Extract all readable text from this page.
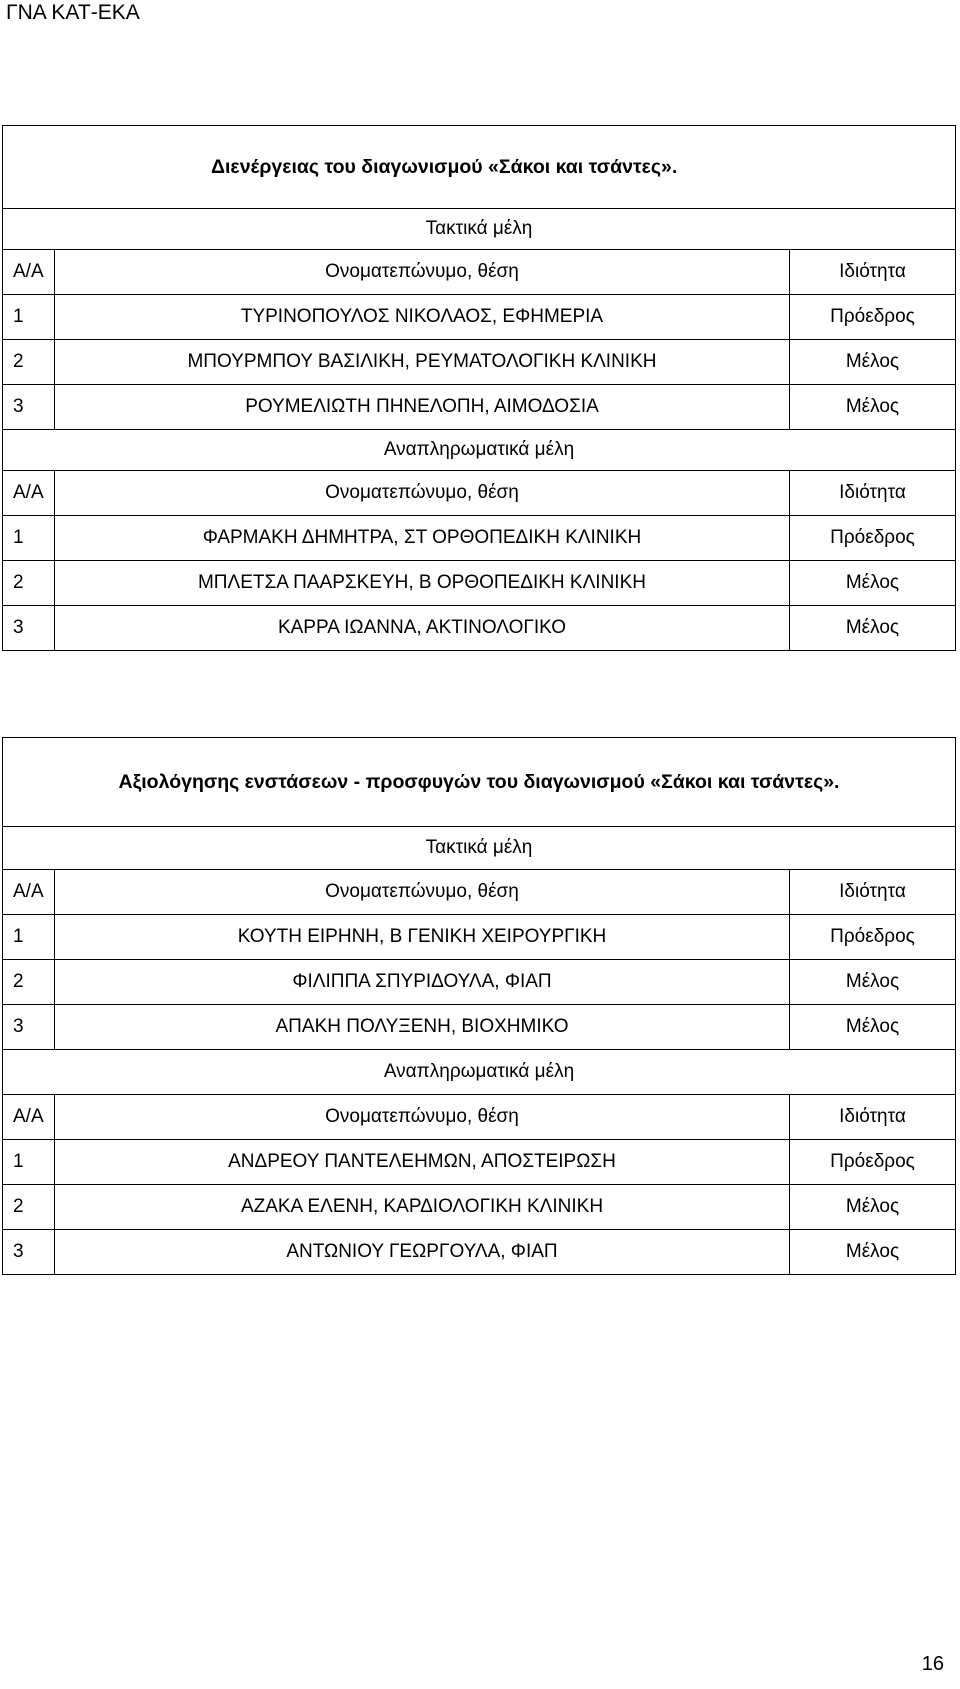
ΓΝΑ ΚΑΤ-ΕΚΑ
Διενέργειας του διαγωνισμού «Σάκοι και τσάντες».		
Τακτικά μέλη		
Α/Α	Ονοματεπώνυμο, θέση	Ιδιότητα
1	ΤΥΡΙΝΟΠΟΥΛΟΣ ΝΙΚΟΛΑΟΣ, ΕΦΗΜΕΡΙΑ	Πρόεδρος
2	ΜΠΟΥΡΜΠΟΥ ΒΑΣΙΛΙΚΗ, ΡΕΥΜΑΤΟΛΟΓΙΚΗ ΚΛΙΝΙΚΗ	Μέλος
3	ΡΟΥΜΕΛΙΩΤΗ ΠΗΝΕΛΟΠΗ, ΑΙΜΟΔΟΣΙΑ	Μέλος
Αναπληρωματικά μέλη		
Α/Α	Ονοματεπώνυμο, θέση	Ιδιότητα
1	ΦΑΡΜΑΚΗ ΔΗΜΗΤΡΑ, ΣΤ ΟΡΘΟΠΕΔΙΚΗ ΚΛΙΝΙΚΗ	Πρόεδρος
2	ΜΠΛΕΤΣΑ ΠΑΑΡΣΚΕΥΗ, Β ΟΡΘΟΠΕΔΙΚΗ ΚΛΙΝΙΚΗ	Μέλος
3	ΚΑΡΡΑ ΙΩΑΝΝΑ, ΑΚΤΙΝΟΛΟΓΙΚΟ	Μέλος
Αξιολόγησης ενστάσεων - προσφυγών του διαγωνισμού «Σάκοι και τσάντες».		
Τακτικά μέλη		
Α/Α	Ονοματεπώνυμο, θέση	Ιδιότητα
1	ΚΟΥΤΗ ΕΙΡΗΝΗ, Β ΓΕΝΙΚΗ ΧΕΙΡΟΥΡΓΙΚΗ	Πρόεδρος
2	ΦΙΛΙΠΠΑ ΣΠΥΡΙΔΟΥΛΑ, ΦΙΑΠ	Μέλος
3	ΑΠΑΚΗ ΠΟΛΥΞΕΝΗ, ΒΙΟΧΗΜΙΚΟ	Μέλος
Αναπληρωματικά μέλη		
Α/Α	Ονοματεπώνυμο, θέση	Ιδιότητα
1	ΑΝΔΡΕΟΥ ΠΑΝΤΕΛΕΗΜΩΝ, ΑΠΟΣΤΕΙΡΩΣΗ	Πρόεδρος
2	ΑΖΑΚΑ ΕΛΕΝΗ, ΚΑΡΔΙΟΛΟΓΙΚΗ ΚΛΙΝΙΚΗ	Μέλος
3	ΑΝΤΩΝΙΟΥ ΓΕΩΡΓΟΥΛΑ, ΦΙΑΠ	Μέλος
16
